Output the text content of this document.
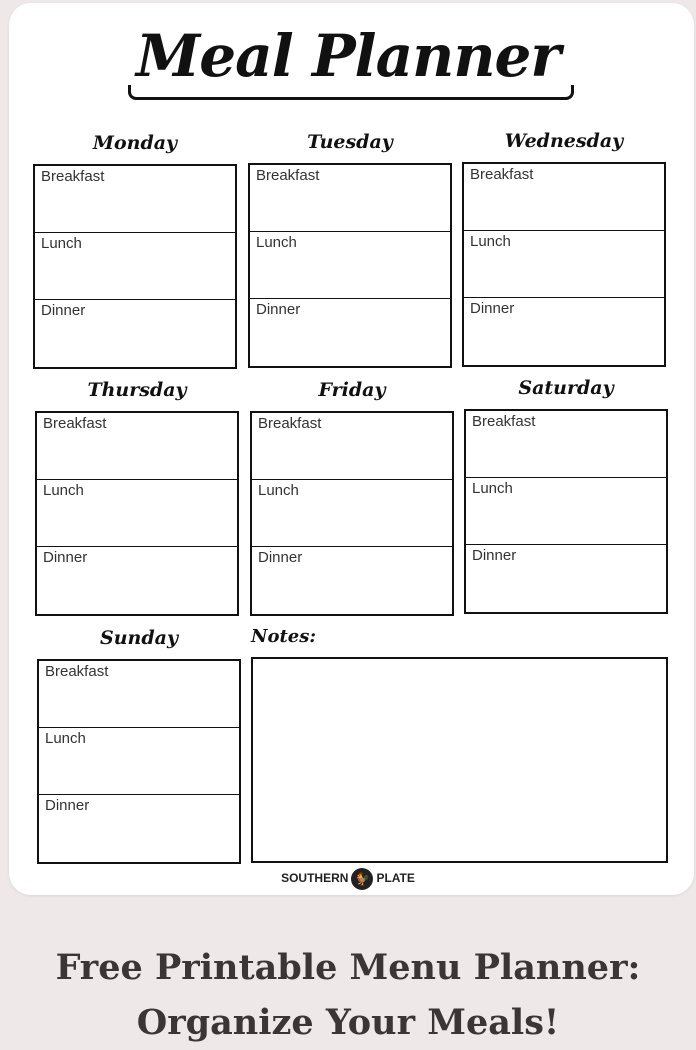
Meal Planner
Monday
Breakfast
Lunch
Dinner
Tuesday
Breakfast
Lunch
Dinner
Wednesday
Breakfast
Lunch
Dinner
Thursday
Breakfast
Lunch
Dinner
Friday
Breakfast
Lunch
Dinner
Saturday
Breakfast
Lunch
Dinner
Sunday
Breakfast
Lunch
Dinner
Notes:
SOUTHERN 🐓 PLATE
Free Printable Menu Planner:
Organize Your Meals!
